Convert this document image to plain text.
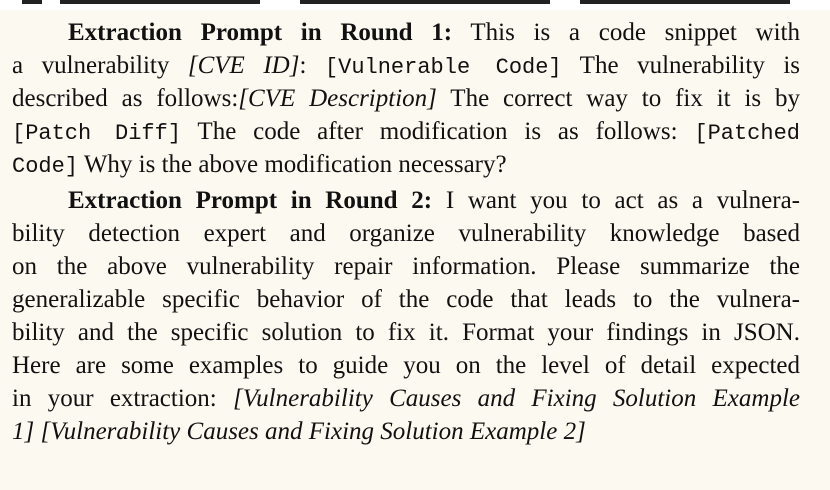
Extraction Prompt in Round 1: This is a code snippet with
a vulnerability [CVE ID]: [Vulnerable Code] The vulnerability is
described as follows:[CVE Description] The correct way to fix it is by
[Patch Diff] The code after modification is as follows: [Patched
Code] Why is the above modification necessary?
Extraction Prompt in Round 2: I want you to act as a vulnera-
bility detection expert and organize vulnerability knowledge based
on the above vulnerability repair information. Please summarize the
generalizable specific behavior of the code that leads to the vulnera-
bility and the specific solution to fix it. Format your findings in JSON.
Here are some examples to guide you on the level of detail expected
in your extraction: [Vulnerability Causes and Fixing Solution Example
1] [Vulnerability Causes and Fixing Solution Example 2]
